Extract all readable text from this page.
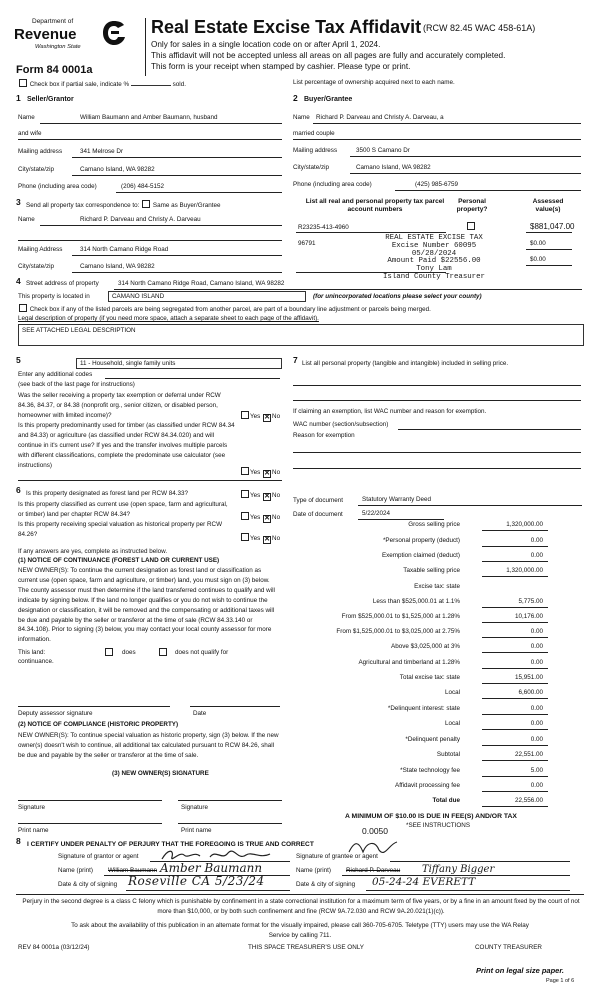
Department of
Revenue
Washington State
Form 84 0001a
Real Estate Excise Tax Affidavit (RCW 82.45 WAC 458-61A)
Only for sales in a single location code on or after April 1, 2024.
This affidavit will not be accepted unless all areas on all pages are fully and accurately completed.
This form is your receipt when stamped by cashier. Please type or print.
Check box if partial sale, indicate %	sold.	List percentage of ownership acquired next to each name.
1 Seller/Grantor
Name	William Baumann and Amber Baumann, husband
and wife
Mailing address	341 Melrose Dr
City/state/zip	Camano Island, WA 98282
Phone (including area code)	(206) 484-5152
2 Buyer/Grantee
Name Richard P. Darveau and Christy A. Darveau, a
married couple
Mailing address	3500 S Camano Dr
City/state/zip	Camano Island, WA 98282
Phone (including area code)	(425) 985-6759
3 Send all property tax correspondence to: Same as Buyer/Grantee
Name	Richard P. Darveau and Christy A. Darveau
Mailing Address	314 North Camano Ridge Road
City/state/zip	Camano Island, WA 98282
List all real and personal property tax parcel account numbers
Personal property?
Assessed value(s)
R23235-413-4960	$881,047.00
96791	$0.00
$0.00
REAL ESTATE EXCISE TAX
Excise Number 60095
05/28/2024
Amount Paid $22556.00
Tony Lam
Island County Treasurer
4 Street address of property	314 North Camano Ridge Road, Camano Island, WA 98282
This property is located in	CAMANO ISLAND	(for unincorporated locations please select your county)
Check box if any of the listed parcels are being segregated from another parcel, are part of a boundary line adjustment or parcels being merged.
Legal description of property (if you need more space, attach a separate sheet to each page of the affidavit).
SEE ATTACHED LEGAL DESCRIPTION
5	11 - Household, single family units
Enter any additional codes
(see back of the last page for instructions)
Was the seller receiving a property tax exemption or deferral under RCW 84.36, 84.37, or 84.38 (nonprofit org., senior citizen, or disabled person, homeowner with limited income)?	Yes ✕ No
Is this property predominantly used for timber (as classified under RCW 84.34 and 84.33) or agriculture (as classified under RCW 84.34.020) and will continue in it's current use? If yes and the transfer involves multiple parcels with different classifications, complete the predominate use calculator (see instructions)
Yes ✕ No
7 List all personal property (tangible and intangible) included in selling price.
If claiming an exemption, list WAC number and reason for exemption.
WAC number (section/subsection)
Reason for exemption
6 Is this property designated as forest land per RCW 84.33?	Yes ✕ No
Is this property classified as current use (open space, farm and agricultural, or timber) land per chapter RCW 84.34?	Yes ✕ No
Is this property receiving special valuation as historical property per RCW 84.26?
Yes ✕ No
If any answers are yes, complete as instructed below.
(1) NOTICE OF CONTINUANCE (FOREST LAND OR CURRENT USE)
NEW OWNER(S): To continue the current designation as forest land or classification as current use (open space, farm and agriculture, or timber) land, you must sign on (3) below. The county assessor must then determine if the land transferred continues to qualify and will indicate by signing below. If the land no longer qualifies or you do not wish to continue the designation or classification, it will be removed and the compensating or additional taxes will be due and payable by the seller or transferor at the time of sale (RCW 84.33.140 or 84.34.108). Prior to signing (3) below, you may contact your local county assessor for more information.
This land:
continuance.
does	does not qualify for
Deputy assessor signature	Date
(2) NOTICE OF COMPLIANCE (HISTORIC PROPERTY)
NEW OWNER(S): To continue special valuation as historic property, sign (3) below. If the new owner(s) doesn't wish to continue, all additional tax calculated pursuant to RCW 84.26, shall be due and payable by the seller or transferor at the time of sale.
(3) NEW OWNER(S) SIGNATURE
Signature	Signature
Print name	Print name
Type of document	Statutory Warranty Deed
Date of document	5/22/2024
Gross selling price	1,320,000.00
*Personal property (deduct)	0.00
Exemption claimed (deduct)	0.00
Taxable selling price	1,320,000.00
Excise tax: state
Less than $525,000.01 at 1.1%	5,775.00
From $525,000.01 to $1,525,000 at 1.28%	10,176.00
From $1,525,000.01 to $3,025,000 at 2.75%	0.00
Above $3,025,000 at 3%	0.00
Agricultural and timberland at 1.28%	0.00
Total excise tax: state	15,951.00
Local	6,600.00
*Delinquent interest: state	0.00
Local	0.00
*Delinquent penalty	0.00
Subtotal	22,551.00
*State technology fee	5.00
Affidavit processing fee	0.00
Total due	22,556.00
0.0050
A MINIMUM OF $10.00 IS DUE IN FEE(S) AND/OR TAX
*SEE INSTRUCTIONS
8 I CERTIFY UNDER PENALTY OF PERJURY THAT THE FOREGOING IS TRUE AND CORRECT
Signature of grantor or agent	Signature of grantee or agent
Name (print) William Baumann Amber Baumann	Name (print) Richard P. Darveau Tiffany Bigger
Date & city of signing Roseville CA 5/23/24	Date & city of signing 05-24-24 EVERETT
Perjury in the second degree is a class C felony which is punishable by confinement in a state correctional institution for a maximum term of five years, or by a fine in an amount fixed by the court of not more than $10,000, or by both such confinement and fine (RCW 9A.72.030 and RCW 9A.20.021(1)(c)).
To ask about the availability of this publication in an alternate format for the visually impaired, please call 360-705-6705. Teletype (TTY) users may use the WA Relay Service by calling 711.
REV 84 0001a (03/12/24)	THIS SPACE TREASURER'S USE ONLY	COUNTY TREASURER
Print on legal size paper.
Page 1 of 6
